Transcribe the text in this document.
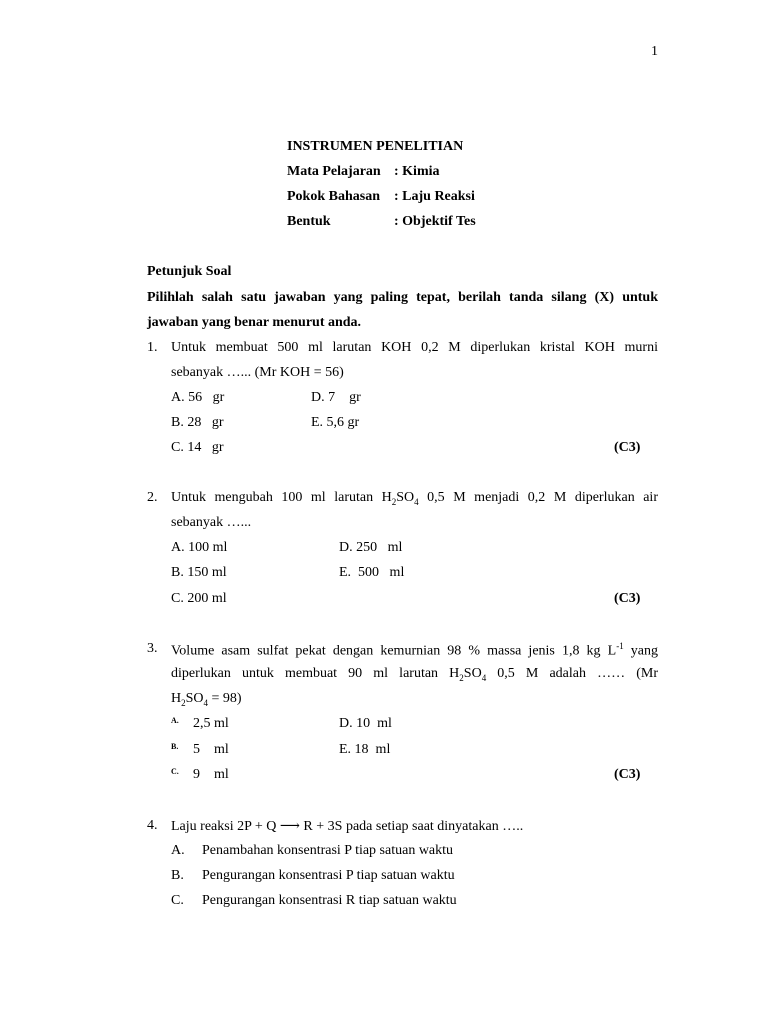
1
INSTRUMEN PENELITIAN
Mata Pelajaran : Kimia
Pokok Bahasan : Laju Reaksi
Bentuk	: Objektif Tes
Petunjuk Soal
Pilihlah salah satu jawaban yang paling tepat, berilah tanda silang (X) untuk
jawaban yang benar menurut anda.
1. Untuk membuat 500 ml larutan KOH 0,2 M diperlukan kristal KOH murni
sebanyak …... (Mr KOH = 56)
A. 56   gr	D. 7    gr
B. 28   gr	E. 5,6 gr
C. 14   gr	(C3)
2. Untuk mengubah 100 ml larutan $H_2SO_4$ 0,5 M menjadi 0,2 M diperlukan air
sebanyak …...
A. 100 ml	D. 250   ml
B. 150 ml	E.  500   ml
C. 200 ml	(C3)
3. Volume asam sulfat pekat dengan kemurnian 98 % massa jenis 1,8 kg $L^{-1}$ yang
diperlukan untuk membuat 90 ml larutan $H_2SO_4$ 0,5 M adalah …… (Mr
$H_2SO_4 = 98$)
A. 2,5 ml	D. 10  ml
B. 5    ml	E. 18  ml
C. 9    ml	(C3)
4. Laju reaksi 2P + Q ⟶ R + 3S pada setiap saat dinyatakan …..
A. Penambahan konsentrasi P tiap satuan waktu
B. Pengurangan konsentrasi P tiap satuan waktu
C. Pengurangan konsentrasi R tiap satuan waktu
